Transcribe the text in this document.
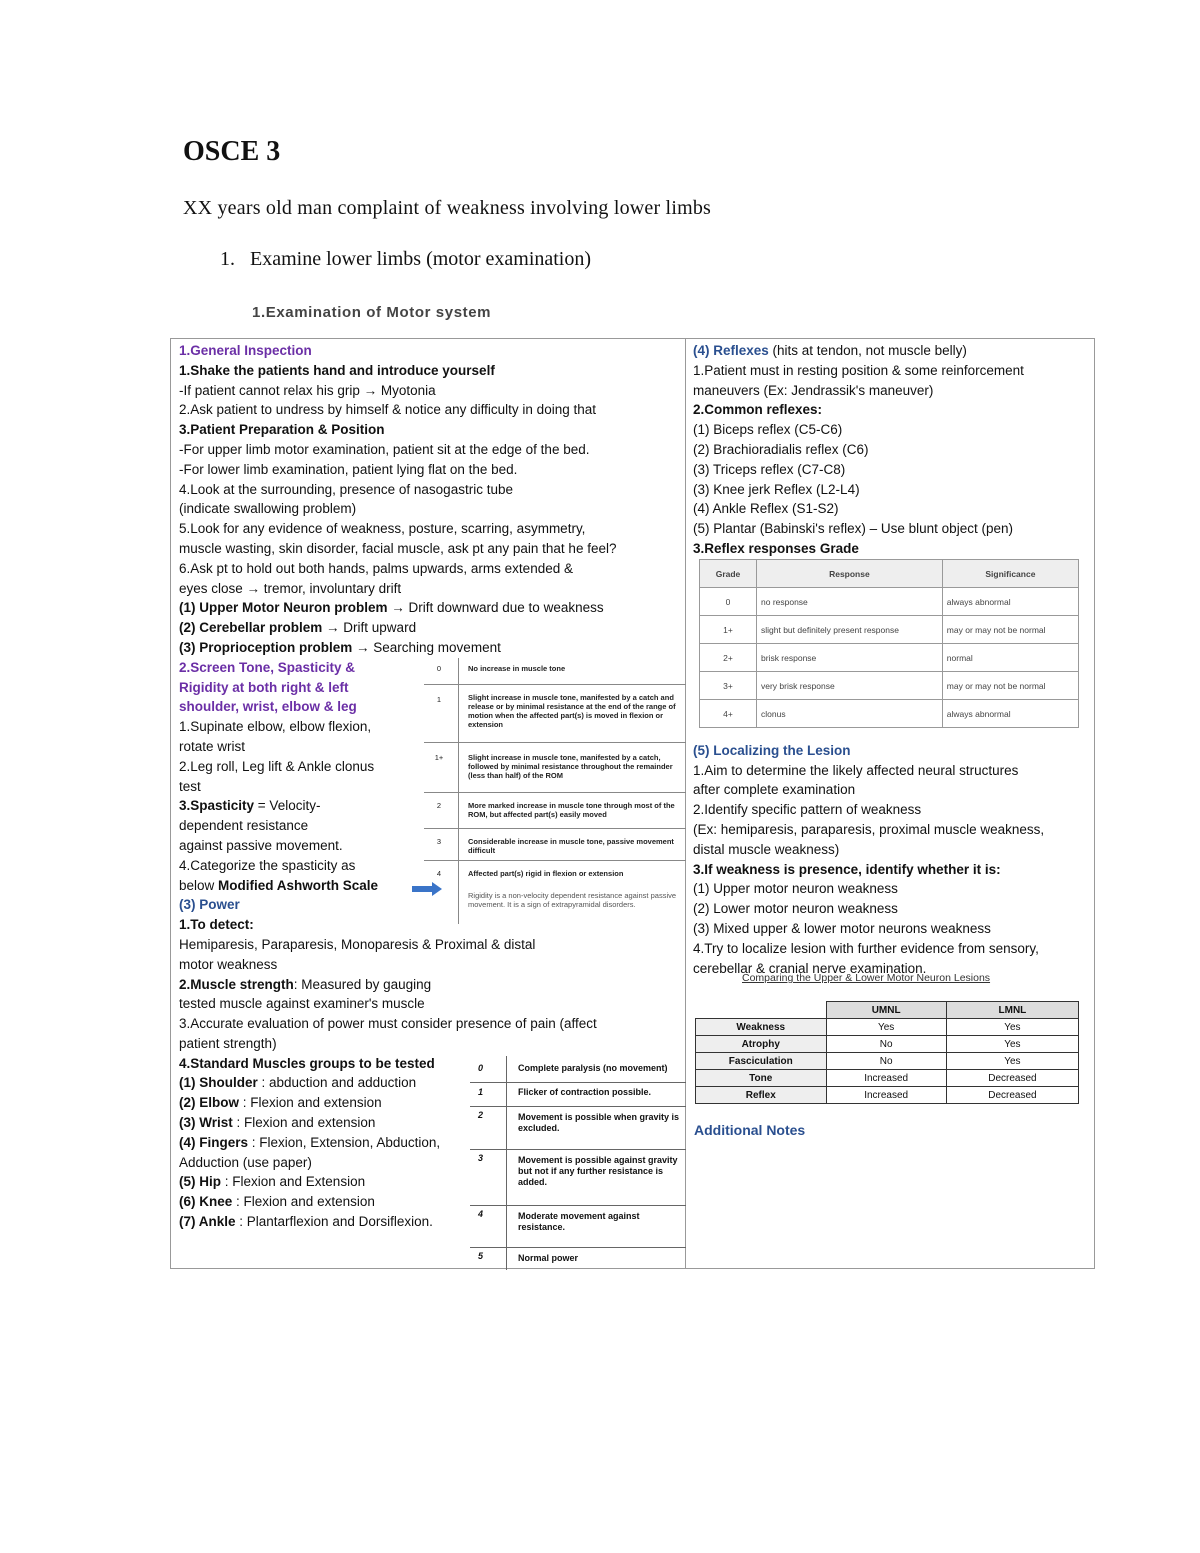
OSCE 3
XX years old man complaint of weakness involving lower limbs
1. Examine lower limbs (motor examination)
1.Examination of Motor system
1.General Inspection
1.Shake the patients hand and introduce yourself
-If patient cannot relax his grip → Myotonia
2.Ask patient to undress by himself & notice any difficulty in doing that
3.Patient Preparation & Position
-For upper limb motor examination, patient sit at the edge of the bed.
-For lower limb examination, patient lying flat on the bed.
4.Look at the surrounding, presence of nasogastric tube
(indicate swallowing problem)
5.Look for any evidence of weakness, posture, scarring, asymmetry,
muscle wasting, skin disorder, facial muscle, ask pt any pain that he feel?
6.Ask pt to hold out both hands, palms upwards, arms extended &
eyes close → tremor, involuntary drift
(1) Upper Motor Neuron problem → Drift downward due to weakness
(2) Cerebellar problem → Drift upward
(3) Proprioception problem → Searching movement
2.Screen Tone, Spasticity &
Rigidity at both right & left
shoulder, wrist, elbow & leg
1.Supinate elbow, elbow flexion,
rotate wrist
2.Leg roll, Leg lift & Ankle clonus
test
3.Spasticity = Velocity-
dependent resistance
against passive movement.
4.Categorize the spasticity as
below Modified Ashworth Scale
(3) Power
1.To detect:
Hemiparesis, Paraparesis, Monoparesis & Proximal & distal
motor weakness
2.Muscle strength: Measured by gauging
tested muscle against examiner's muscle
3.Accurate evaluation of power must consider presence of pain (affect
patient strength)
4.Standard Muscles groups to be tested
(1) Shoulder : abduction and adduction
(2) Elbow : Flexion and extension
(3) Wrist : Flexion and extension
(4) Fingers : Flexion, Extension, Abduction,
Adduction (use paper)
(5) Hip : Flexion and Extension
(6) Knee : Flexion and extension
(7) Ankle : Plantarflexion and Dorsiflexion.
0	No increase in muscle tone
1	Slight increase in muscle tone, manifested by a catch and release or by minimal resistance at the end of the range of motion when the affected part(s) is moved in flexion or extension
1+	Slight increase in muscle tone, manifested by a catch, followed by minimal resistance throughout the remainder (less than half) of the ROM
2	More marked increase in muscle tone through most of the ROM, but affected part(s) easily moved
3	Considerable increase in muscle tone, passive movement difficult
4	Affected part(s) rigid in flexion or extension
Rigidity is a non-velocity dependent resistance against passive movement. It is a sign of extrapyramidal disorders.
0	Complete paralysis (no movement)
1	Flicker of contraction possible.
2	Movement is possible when gravity is excluded.
3	Movement is possible against gravity but not if any further resistance is added.
4	Moderate movement against resistance.
5	Normal power
(4) Reflexes (hits at tendon, not muscle belly)
1.Patient must in resting position & some reinforcement
maneuvers (Ex: Jendrassik's maneuver)
2.Common reflexes:
(1) Biceps reflex (C5-C6)
(2) Brachioradialis reflex (C6)
(3) Triceps reflex (C7-C8)
(3) Knee jerk Reflex (L2-L4)
(4) Ankle Reflex (S1-S2)
(5) Plantar (Babinski's reflex) – Use blunt object (pen)
3.Reflex responses Grade
(5) Localizing the Lesion
1.Aim to determine the likely affected neural structures
after complete examination
2.Identify specific pattern of weakness
(Ex: hemiparesis, paraparesis, proximal muscle weakness,
distal muscle weakness)
3.If weakness is presence, identify whether it is:
(1) Upper motor neuron weakness
(2) Lower motor neuron weakness
(3) Mixed upper & lower motor neurons weakness
4.Try to localize lesion with further evidence from sensory,
cerebellar & cranial nerve examination.
Grade	Response	Significance
0	no response	always abnormal
1+	slight but definitely present response	may or may not be normal
2+	brisk response	normal
3+	very brisk response	may or may not be normal
4+	clonus	always abnormal
Comparing the Upper & Lower Motor Neuron Lesions
	UMNL	LMNL
Weakness	Yes	Yes
Atrophy	No	Yes
Fasciculation	No	Yes
Tone	Increased	Decreased
Reflex	Increased	Decreased
Additional Notes
